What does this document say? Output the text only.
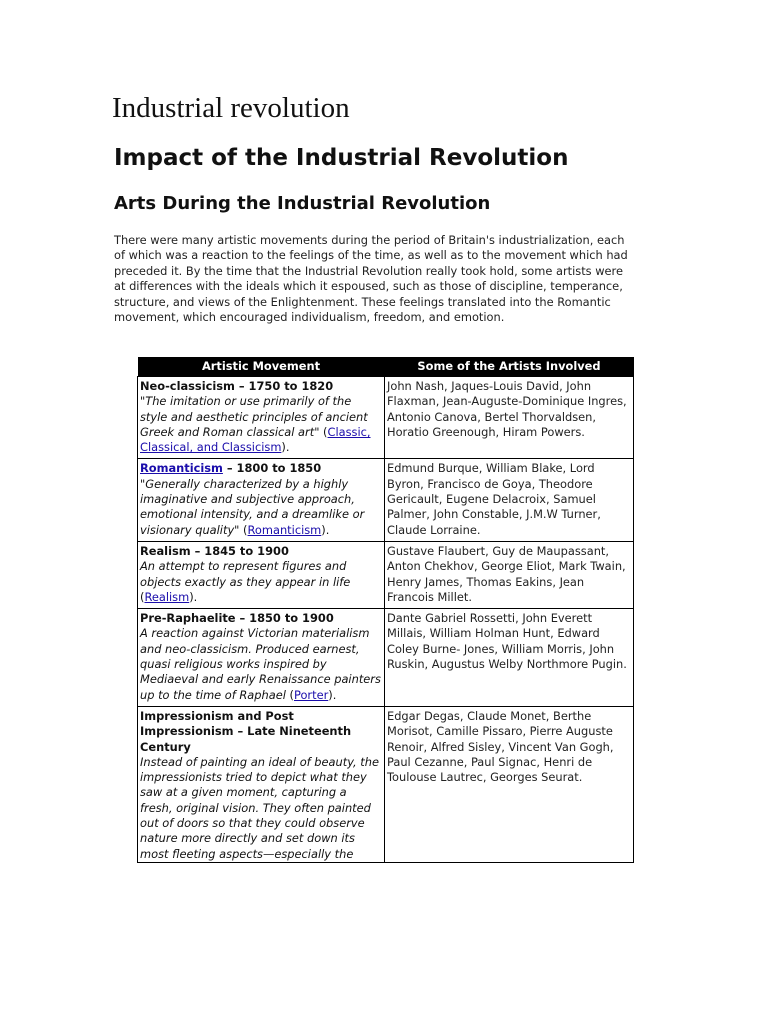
Industrial revolution
Impact of the Industrial Revolution
Arts During the Industrial Revolution

There were many artistic movements during the period of Britain's industrialization, each of which was a reaction to the feelings of the time, as well as to the movement which had preceded it. By the time that the Industrial Revolution really took hold, some artists were at differences with the ideals which it espoused, such as those of discipline, temperance, structure, and views of the Enlightenment. These feelings translated into the Romantic movement, which encouraged individualism, freedom, and emotion.

Artistic Movement	Some of the Artists Involved

Neo-classicism – 1750 to 1820
"The imitation or use primarily of the style and aesthetic principles of ancient Greek and Roman classical art" (Classic, Classical, and Classicism).	John Nash, Jaques-Louis David, John Flaxman, Jean-Auguste-Dominique Ingres, Antonio Canova, Bertel Thorvaldsen, Horatio Greenough, Hiram Powers.

Romanticism – 1800 to 1850
"Generally characterized by a highly imaginative and subjective approach, emotional intensity, and a dreamlike or visionary quality" (Romanticism).	Edmund Burque, William Blake, Lord Byron, Francisco de Goya, Theodore Gericault, Eugene Delacroix, Samuel Palmer, John Constable, J.M.W Turner, Claude Lorraine.

Realism – 1845 to 1900
An attempt to represent figures and objects exactly as they appear in life (Realism).	Gustave Flaubert, Guy de Maupassant, Anton Chekhov, George Eliot, Mark Twain, Henry James, Thomas Eakins, Jean Francois Millet.

Pre-Raphaelite – 1850 to 1900
A reaction against Victorian materialism and neo-classicism. Produced earnest, quasi religious works inspired by Mediaeval and early Renaissance painters up to the time of Raphael (Porter).	Dante Gabriel Rossetti, John Everett Millais, William Holman Hunt, Edward Coley Burne- Jones, William Morris, John Ruskin, Augustus Welby Northmore Pugin.

Impressionism and Post Impressionism – Late Nineteenth Century
Instead of painting an ideal of beauty, the impressionists tried to depict what they saw at a given moment, capturing a fresh, original vision. They often painted out of doors so that they could observe nature more directly and set down its most fleeting aspects—especially the	Edgar Degas, Claude Monet, Berthe Morisot, Camille Pissaro, Pierre Auguste Renoir, Alfred Sisley, Vincent Van Gogh, Paul Cezanne, Paul Signac, Henri de Toulouse Lautrec, Georges Seurat.
